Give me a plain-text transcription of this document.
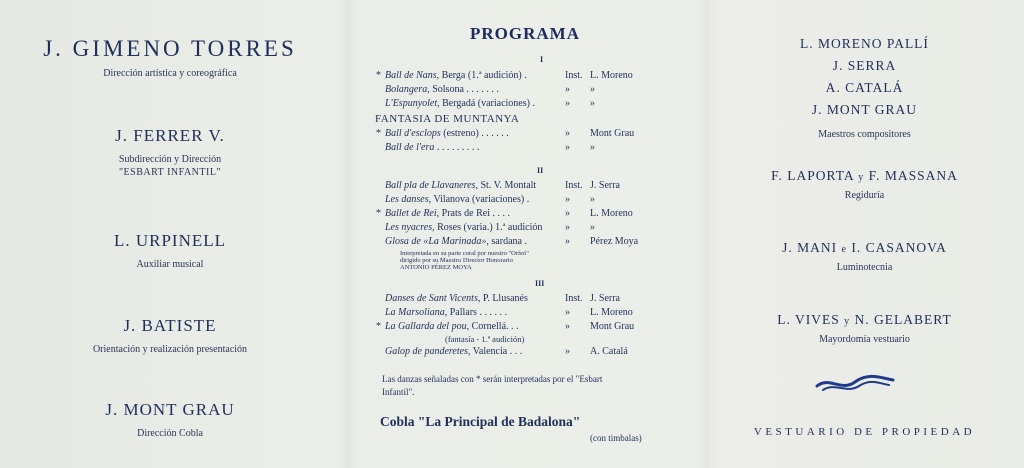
J. GIMENO TORRES
Dirección artística y coreográfica
J. FERRER V.
Subdirección y Dirección
"ESBART INFANTIL"
L. URPINELL
Auxiliar musical
J. BATISTE
Orientación y realización presentación
J. MONT GRAU
Dirección Cobla
PROGRAMA
I
* Ball de Nans, Berga (1.ª audición) .	Inst. L. Moreno
Bolangera, Solsona . . . . . . .	» »
L'Espunyolet, Bergadá (variaciones) .	» »
FANTASIA DE MUNTANYA
* Ball d'esclops (estreno) . . . . . .	» Mont Grau
Ball de l'era . . . . . . . . .	» »
II
Ball pla de Llavaneres, St. V. Montalt	Inst. J. Serra
Les danses, Vilanova (variaciones) .	» »
* Ballet de Rei, Prats de Rei . . . .	» L. Moreno
Les nyacres, Roses (varia.) 1.ª audición » »
Glosa de «La Marinada», sardana .	» Pérez Moya
Interpretada en su parte coral por nuestro "Orfeó"
dirigido por su Maestro Director Honorario
ANTONIO PÉREZ MOYA
III
Danses de Sant Vicents, P. Llusanés	Inst. J. Serra
La Marsoliana, Pallars . . . . . .	» L. Moreno
* La Gallarda del pou, Cornellá. . .	» Mont Grau
(fantasía - 1.ª audición)
Galop de panderetes, Valencia . . .	» A. Catalá
Las danzas señaladas con * serán interpretadas por el "Esbart
Infantil".
Cobla "La Principal de Badalona"
(con timbalas)
L. MORENO PALLÍ
J. SERRA
A. CATALÁ
J. MONT GRAU
Maestros compositores
F. LAPORTA y F. MASSANA
Regiduría
J. MANI e I. CASANOVA
Luminotecnia
L. VIVES y N. GELABERT
Mayordomía vestuario
VESTUARIO DE PROPIEDAD
